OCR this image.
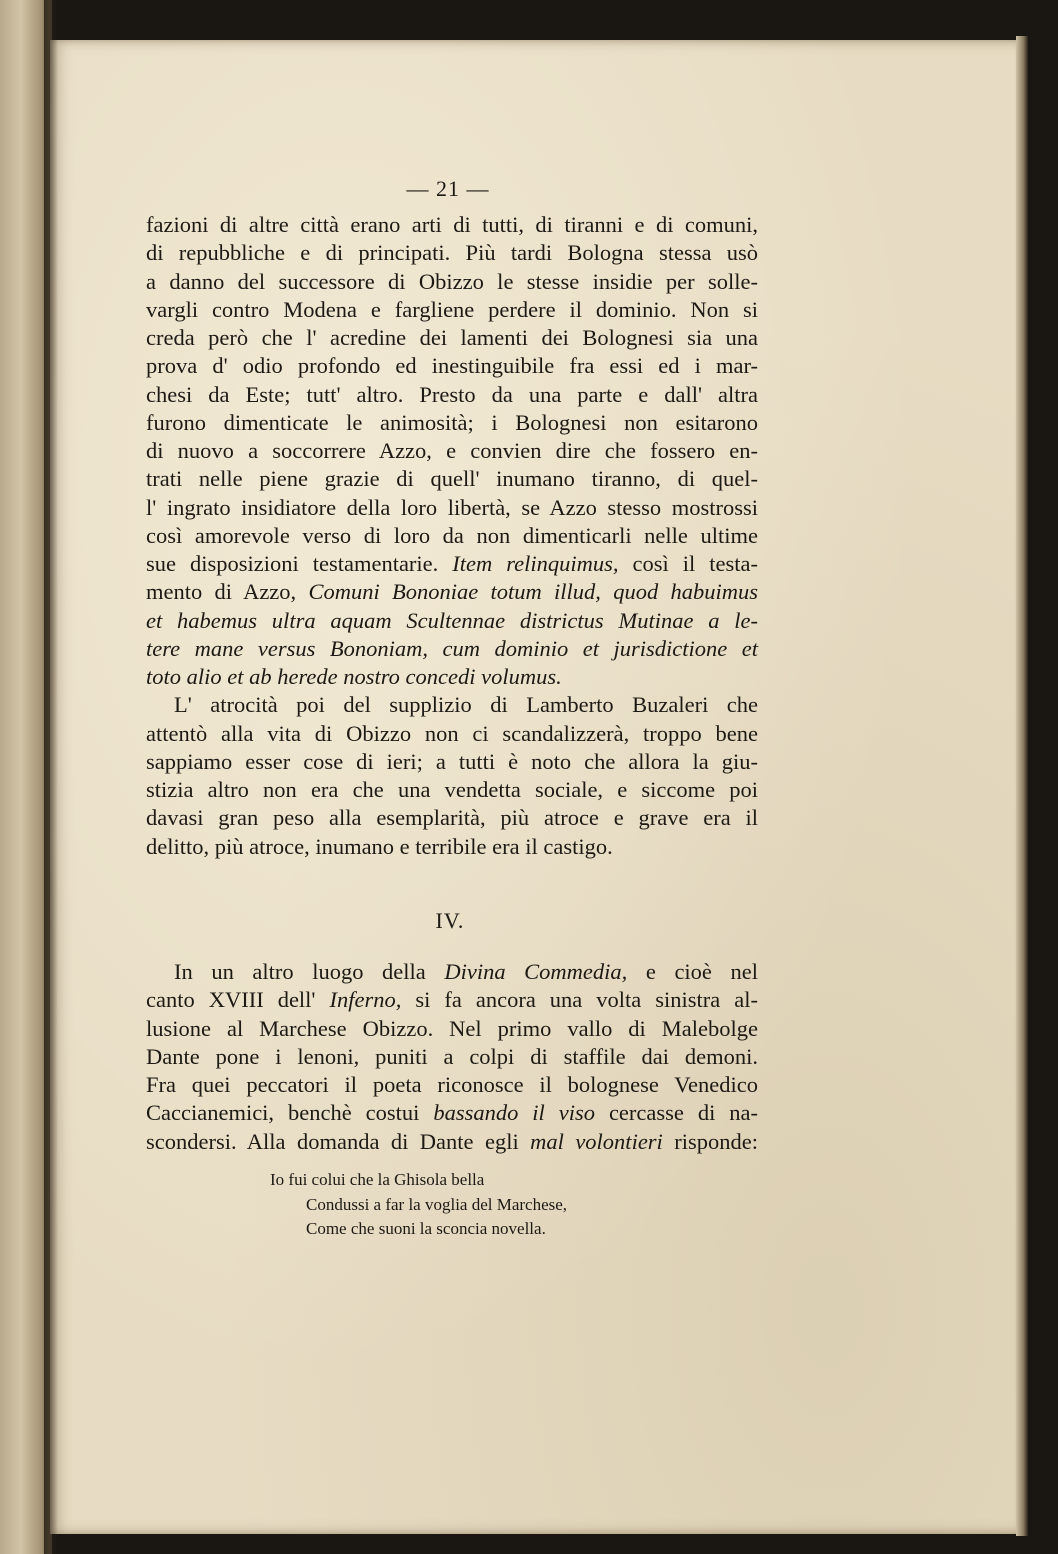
— 21 —
fazioni di altre città erano arti di tutti, di tiranni e di comuni,
di repubbliche e di principati. Più tardi Bologna stessa usò
a danno del successore di Obizzo le stesse insidie per solle-
vargli contro Modena e fargliene perdere il dominio. Non si
creda però che l' acredine dei lamenti dei Bolognesi sia una
prova d' odio profondo ed inestinguibile fra essi ed i mar-
chesi da Este; tutt' altro. Presto da una parte e dall' altra
furono dimenticate le animosità; i Bolognesi non esitarono
di nuovo a soccorrere Azzo, e convien dire che fossero en-
trati nelle piene grazie di quell' inumano tiranno, di quel-
l' ingrato insidiatore della loro libertà, se Azzo stesso mostrossi
così amorevole verso di loro da non dimenticarli nelle ultime
sue disposizioni testamentarie. Item relinquimus, così il testa-
mento di Azzo, Comuni Bononiae totum illud, quod habuimus
et habemus ultra aquam Scultennae districtus Mutinae a le-
tere mane versus Bononiam, cum dominio et jurisdictione et
toto alio et ab herede nostro concedi volumus.
L' atrocità poi del supplizio di Lamberto Buzaleri che
attentò alla vita di Obizzo non ci scandalizzerà, troppo bene
sappiamo esser cose di ieri; a tutti è noto che allora la giu-
stizia altro non era che una vendetta sociale, e siccome poi
davasi gran peso alla esemplarità, più atroce e grave era il
delitto, più atroce, inumano e terribile era il castigo.
IV.
In un altro luogo della Divina Commedia, e cioè nel
canto XVIII dell' Inferno, si fa ancora una volta sinistra al-
lusione al Marchese Obizzo. Nel primo vallo di Malebolge
Dante pone i lenoni, puniti a colpi di staffile dai demoni.
Fra quei peccatori il poeta riconosce il bolognese Venedico
Caccianemici, benchè costui bassando il viso cercasse di na-
scondersi. Alla domanda di Dante egli mal volontieri risponde:
Io fui colui che la Ghisola bella
Condussi a far la voglia del Marchese,
Come che suoni la sconcia novella.
